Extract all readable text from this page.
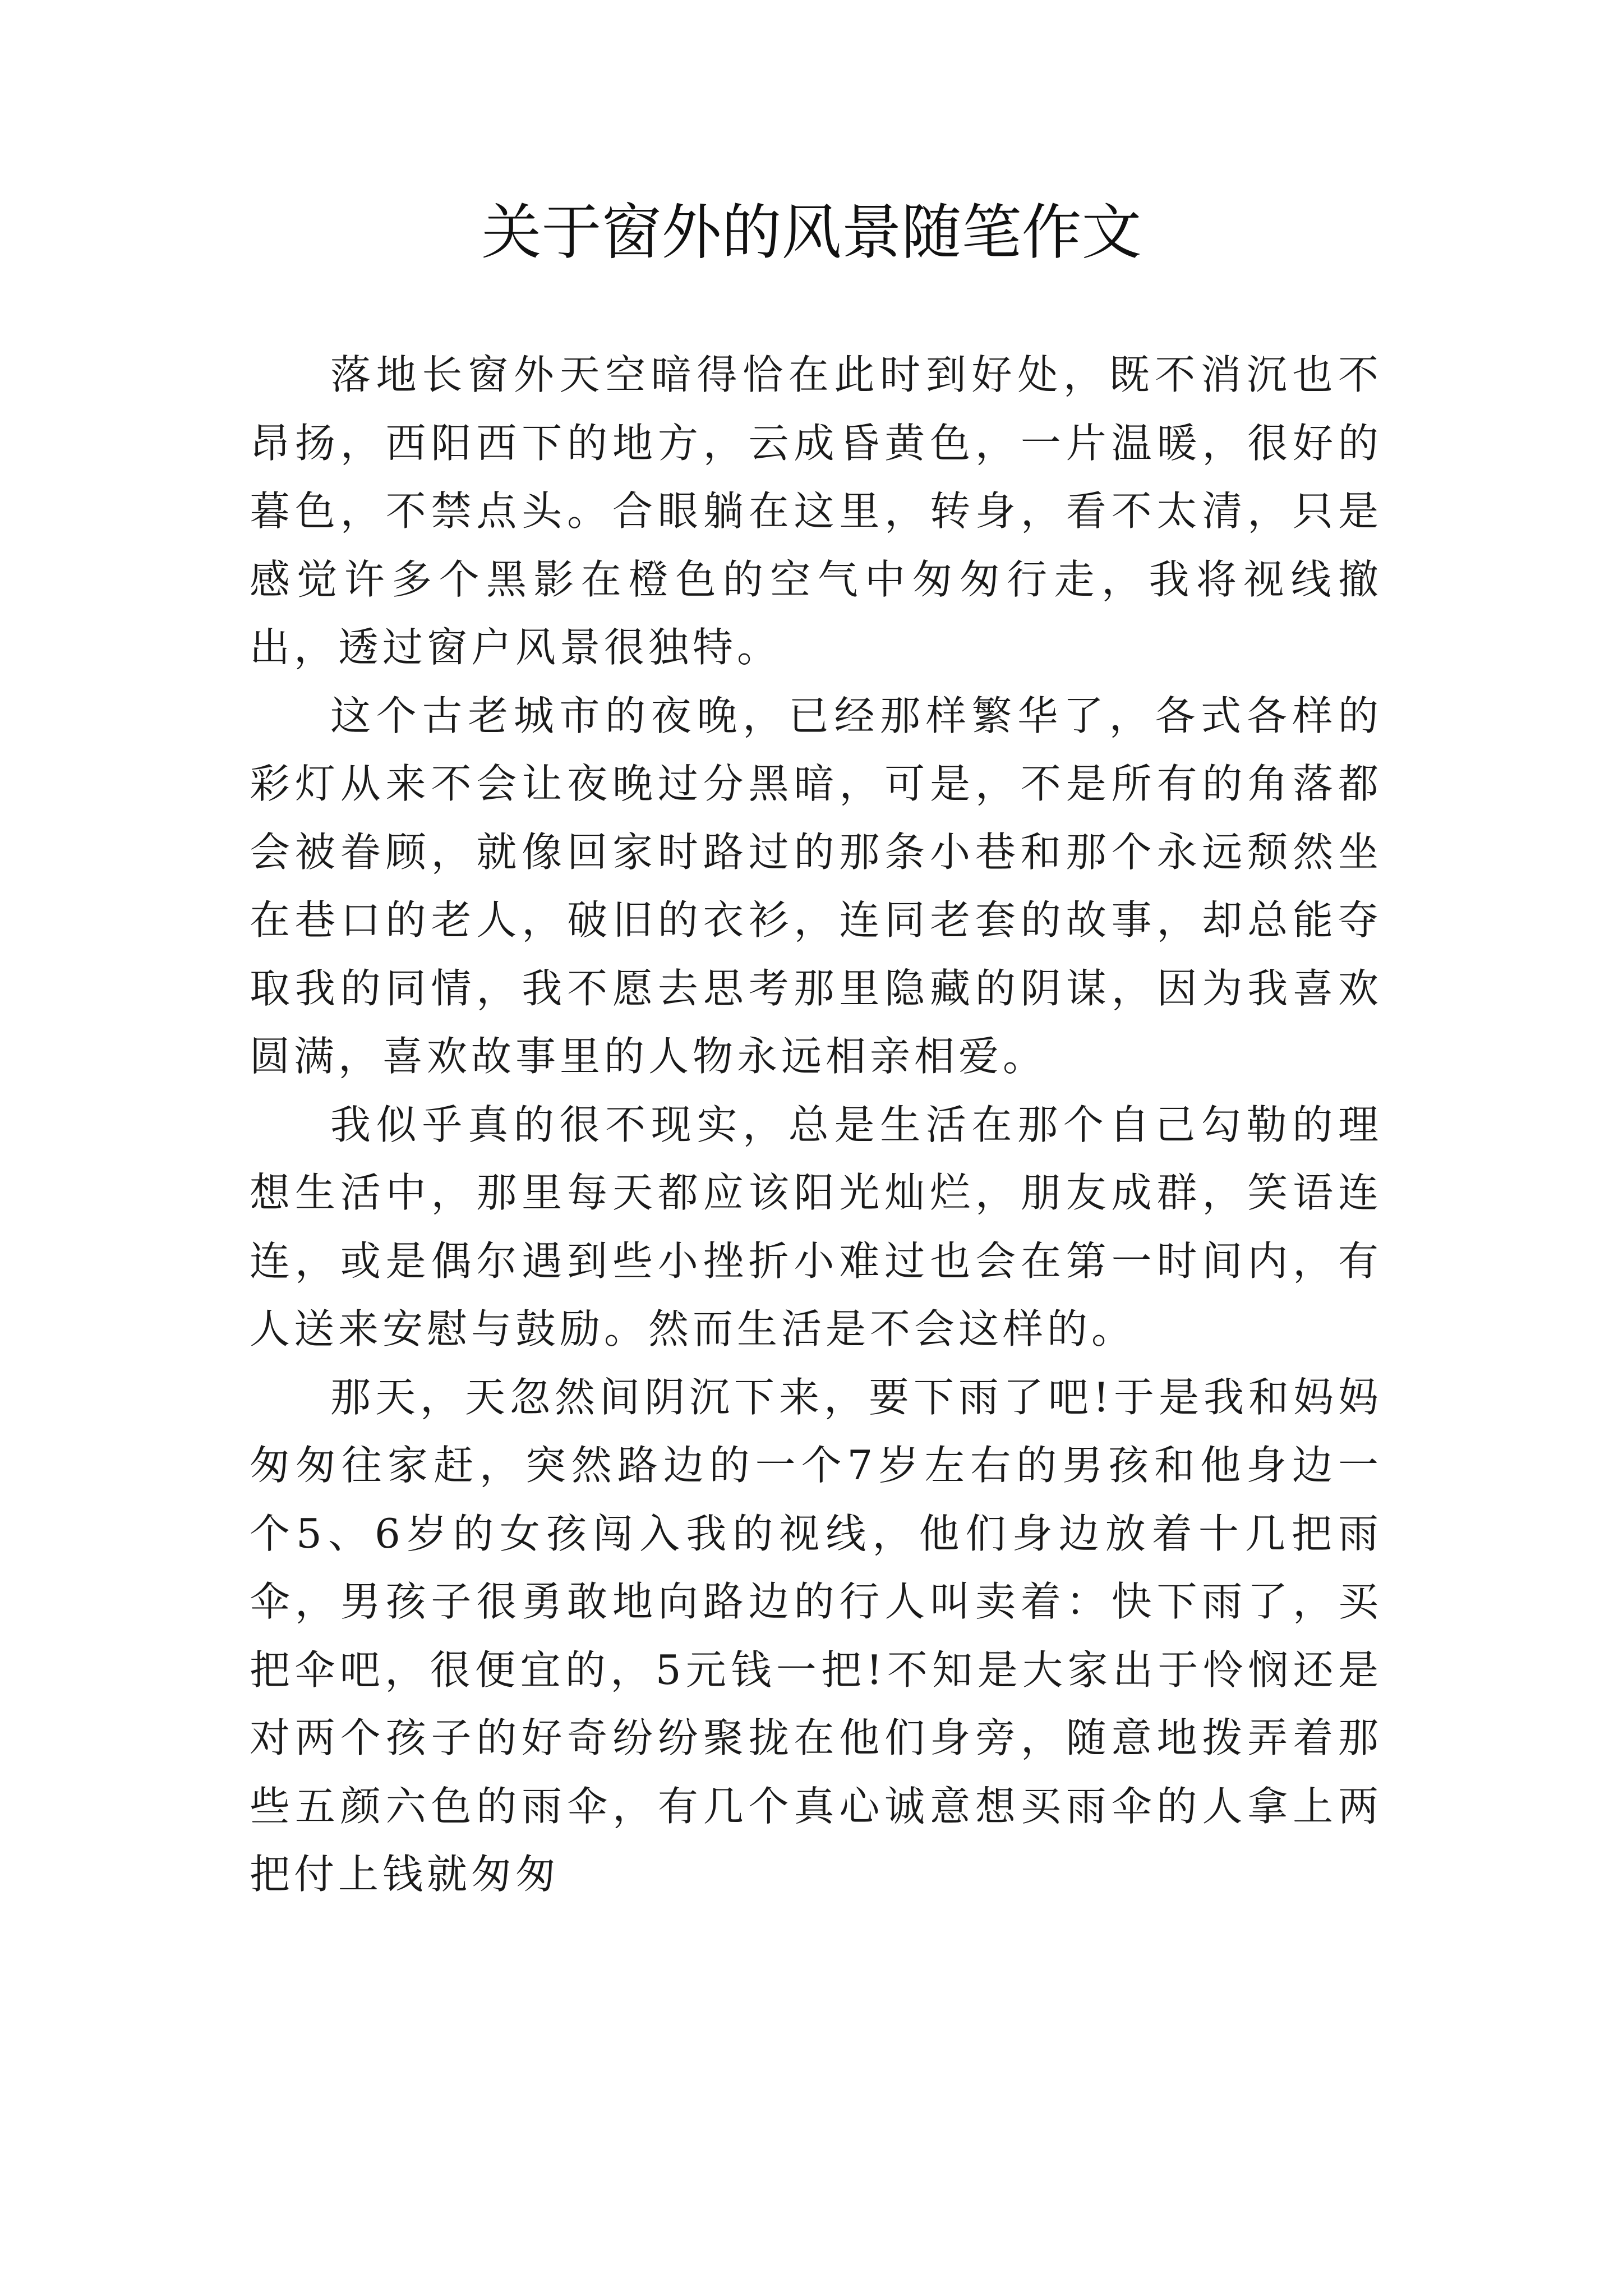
关于窗外的风景随笔作文

落地长窗外天空暗得恰在此时到好处，既不消沉也不昂扬，西阳西下的地方，云成昏黄色，一片温暖，很好的暮色，不禁点头。合眼躺在这里，转身，看不太清，只是感觉许多个黑影在橙色的空气中匆匆行走，我将视线撤出，透过窗户风景很独特。

这个古老城市的夜晚，已经那样繁华了，各式各样的彩灯从来不会让夜晚过分黑暗，可是，不是所有的角落都会被眷顾，就像回家时路过的那条小巷和那个永远颓然坐在巷口的老人，破旧的衣衫，连同老套的故事，却总能夺取我的同情，我不愿去思考那里隐藏的阴谋，因为我喜欢圆满，喜欢故事里的人物永远相亲相爱。

我似乎真的很不现实，总是生活在那个自己勾勒的理想生活中，那里每天都应该阳光灿烂，朋友成群，笑语连连，或是偶尔遇到些小挫折小难过也会在第一时间内，有人送来安慰与鼓励。然而生活是不会这样的。

那天，天忽然间阴沉下来，要下雨了吧!于是我和妈妈匆匆往家赶，突然路边的一个7岁左右的男孩和他身边一个5、6岁的女孩闯入我的视线，他们身边放着十几把雨伞，男孩子很勇敢地向路边的行人叫卖着：快下雨了，买把伞吧，很便宜的，5元钱一把!不知是大家出于怜悯还是对两个孩子的好奇纷纷聚拢在他们身旁，随意地拨弄着那些五颜六色的雨伞，有几个真心诚意想买雨伞的人拿上两把付上钱就匆匆
